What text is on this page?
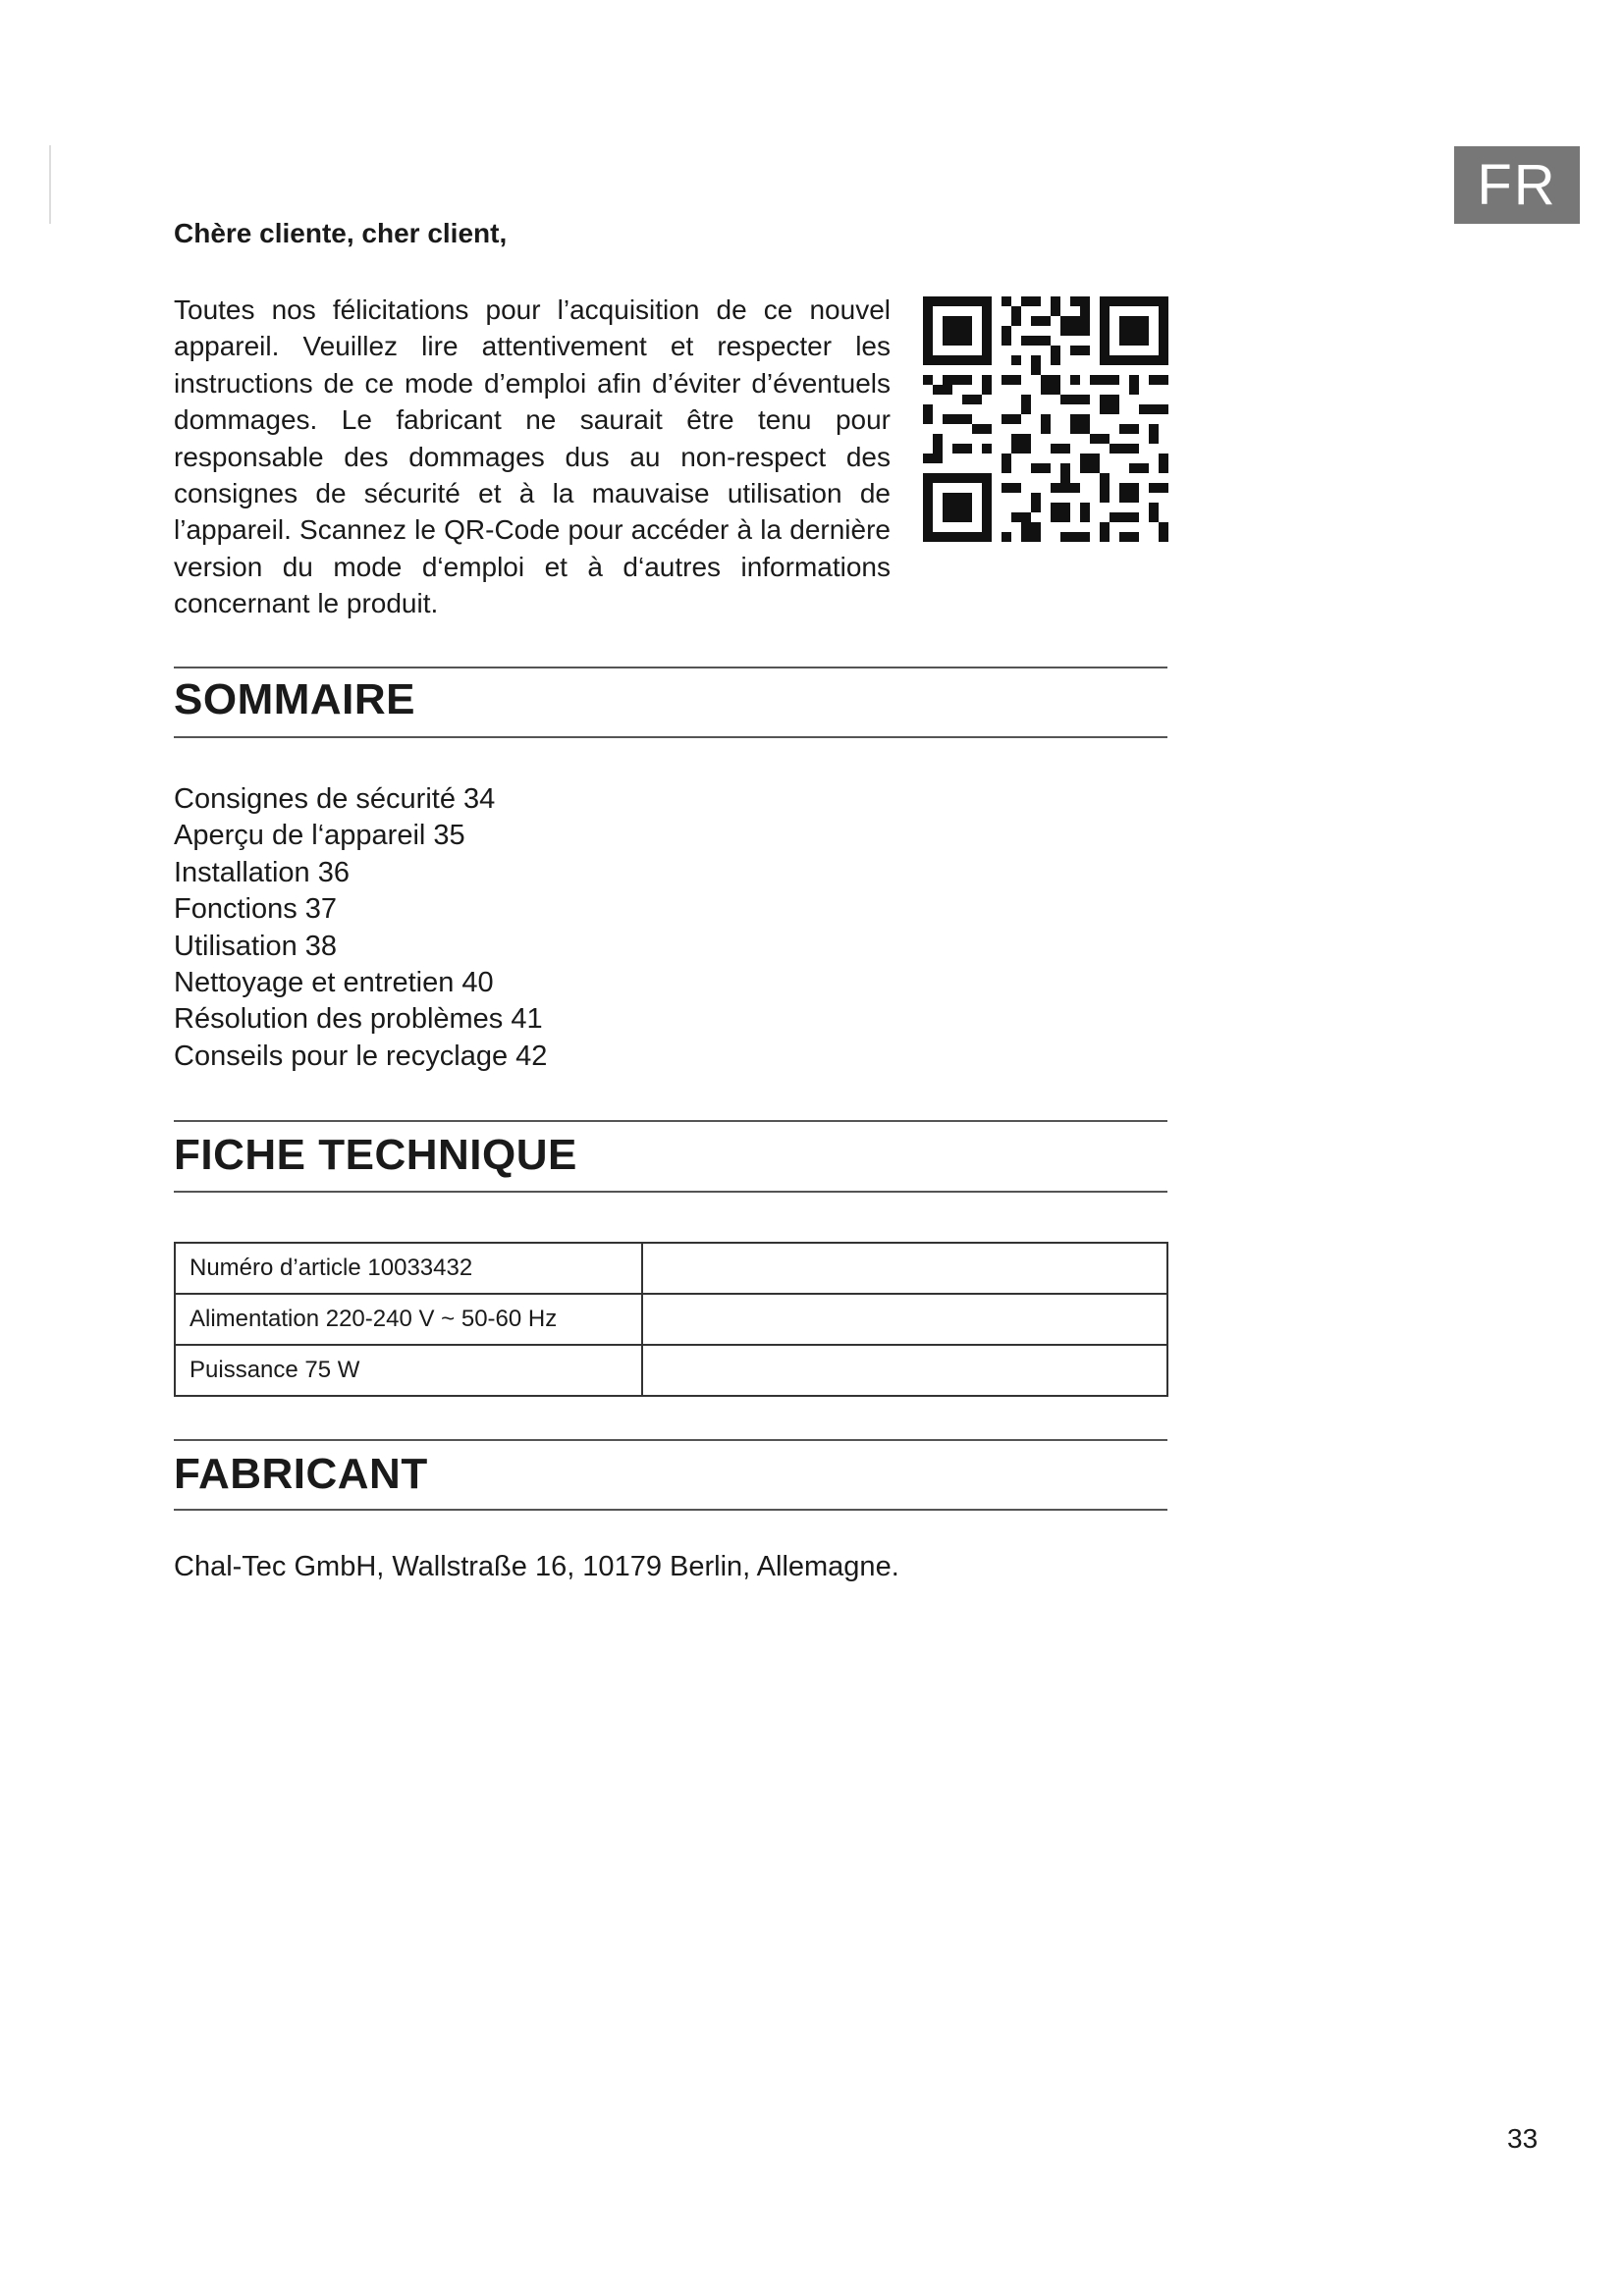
FR
Chère cliente, cher client,

Toutes nos félicitations pour l’acquisition de ce nouvel appareil. Veuillez lire attentivement et respecter les instructions de ce mode d’emploi afin d’éviter d’éventuels dommages. Le fabricant ne saurait être tenu pour responsable des dommages dus au non-respect des consignes de sécurité et à la mauvaise utilisation de l’appareil. Scannez le QR-Code pour accéder à la dernière version du mode d‘emploi et à d‘autres informations concernant le produit.

SOMMAIRE
Consignes de sécurité 34
Aperçu de l‘appareil 35
Installation 36
Fonctions 37
Utilisation 38
Nettoyage et entretien 40
Résolution des problèmes 41
Conseils pour le recyclage 42
FICHE TECHNIQUE
Numéro d’article 10033432	
Alimentation 220-240 V ~ 50-60 Hz	
Puissance 75 W	
FABRICANT
Chal-Tec GmbH, Wallstraße 16, 10179 Berlin, Allemagne.
33
